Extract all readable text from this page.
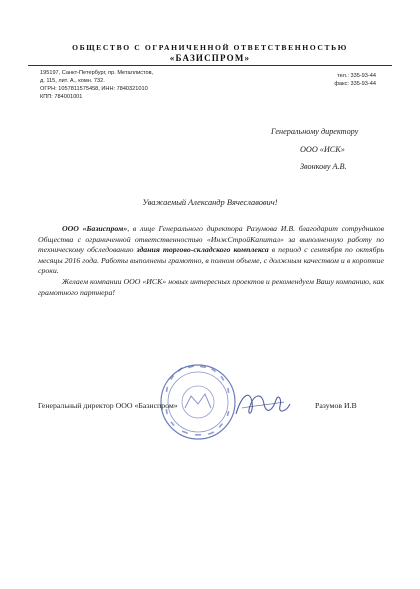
ОБЩЕСТВО С ОГРАНИЧЕННОЙ ОТВЕТСТВЕННОСТЬЮ
«БАЗИСПРОМ»
195197, Санкт-Петербург, пр. Металлистов,
д. 115, лит. А., комн. 732.
ОГРН: 1057811575458, ИНН: 7840321010
КПП: 784001001
тел.: 335-93-44
факс: 335-93-44
Генеральному директору
ООО «ИСК»
Звонкову А.В.
Уважаемый Александр Вячеславович!

ООО «Базиспром», в лице Генерального директора Разумова И.В. благодарит сотрудников Общества с ограниченной ответственностью «ИнжСтройКапитал» за выполненную работу по техническому обследованию здания торгово-складского комплекса в период с сентября по октябрь месяцы 2016 года. Работы выполнены грамотно, в полном объеме, с должным качеством и в короткие сроки.

Желаем компании ООО «ИСК» новых интересных проектов и рекомендуем Вашу компанию, как грамотного партнера!

Генеральный директор ООО «Базиспром»	Разумов И.В
